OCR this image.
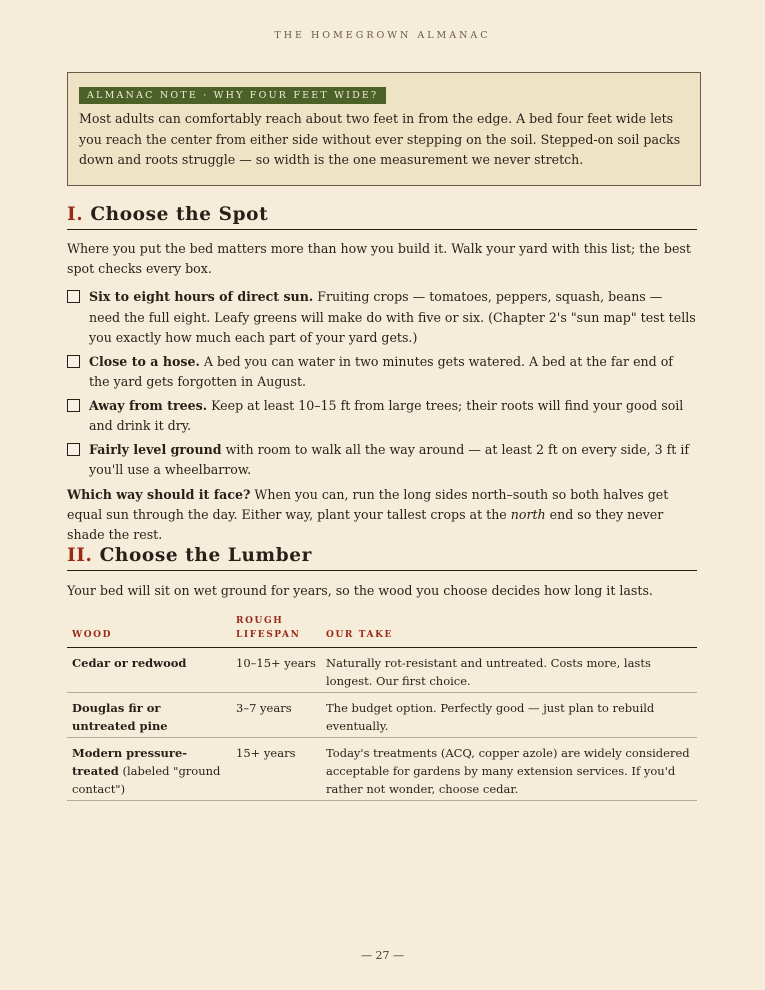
THE HOMEGROWN ALMANAC
ALMANAC NOTE · WHY FOUR FEET WIDE?

Most adults can comfortably reach about two feet in from the edge. A bed four feet wide lets you reach the center from either side without ever stepping on the soil. Stepped-on soil packs down and roots struggle — so width is the one measurement we never stretch.

I. Choose the Spot

Where you put the bed matters more than how you build it. Walk your yard with this list; the best spot checks every box.

Six to eight hours of direct sun. Fruiting crops — tomatoes, peppers, squash, beans — need the full eight. Leafy greens will make do with five or six. (Chapter 2's "sun map" test tells you exactly how much each part of your yard gets.)
Close to a hose. A bed you can water in two minutes gets watered. A bed at the far end of the yard gets forgotten in August.
Away from trees. Keep at least 10–15 ft from large trees; their roots will find your good soil and drink it dry.
Fairly level ground with room to walk all the way around — at least 2 ft on every side, 3 ft if you'll use a wheelbarrow.

Which way should it face? When you can, run the long sides north–south so both halves get equal sun through the day. Either way, plant your tallest crops at the north end so they never shade the rest.

II. Choose the Lumber

Your bed will sit on wet ground for years, so the wood you choose decides how long it lasts.

WOOD	ROUGH LIFESPAN	OUR TAKE
Cedar or redwood	10–15+ years	Naturally rot-resistant and untreated. Costs more, lasts longest. Our first choice.
Douglas fir or untreated pine	3–7 years	The budget option. Perfectly good — just plan to rebuild eventually.
Modern pressure-treated (labeled "ground contact")	15+ years	Today's treatments (ACQ, copper azole) are widely considered acceptable for gardens by many extension services. If you'd rather not wonder, choose cedar.
— 27 —
